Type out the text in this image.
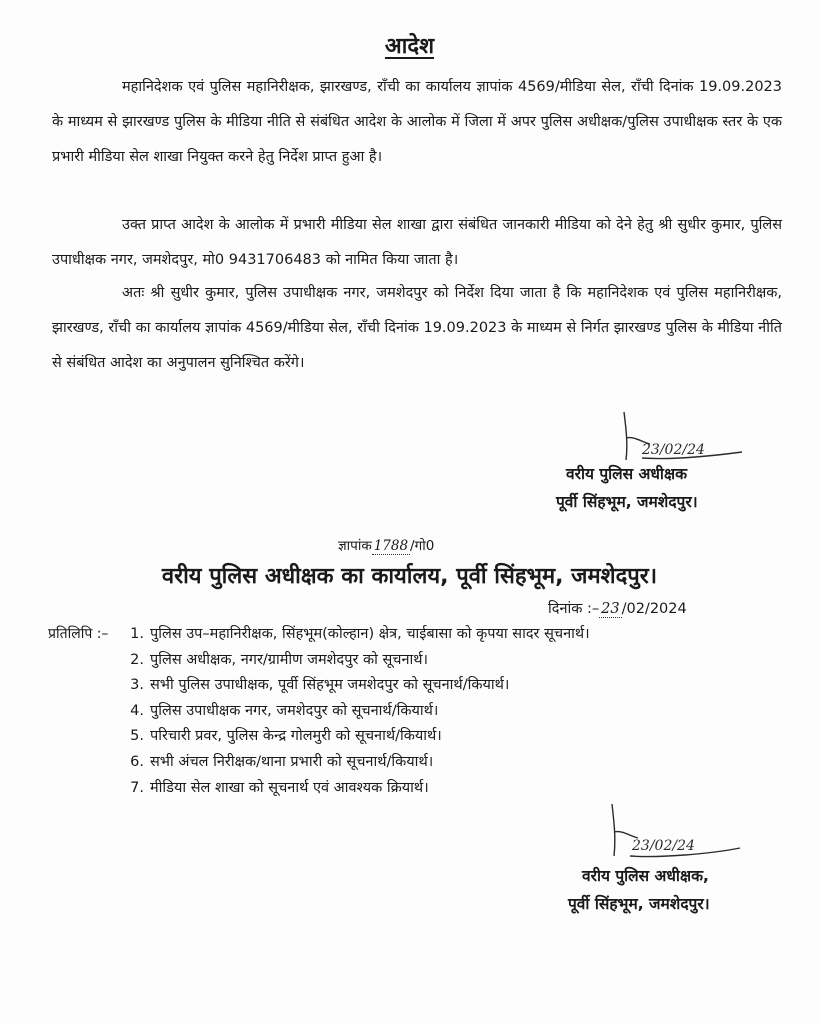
आदेश

महानिदेशक एवं पुलिस महानिरीक्षक, झारखण्ड, राँची का कार्यालय ज्ञापांक 4569/मीडिया सेल, राँची दिनांक 19.09.2023 के माध्यम से झारखण्ड पुलिस के मीडिया नीति से संबंधित आदेश के आलोक में जिला में अपर पुलिस अधीक्षक/पुलिस उपाधीक्षक स्तर के एक प्रभारी मीडिया सेल शाखा नियुक्त करने हेतु निर्देश प्राप्त हुआ है।

उक्त प्राप्त आदेश के आलोक में प्रभारी मीडिया सेल शाखा द्वारा संबंधित जानकारी मीडिया को देने हेतु श्री सुधीर कुमार, पुलिस उपाधीक्षक नगर, जमशेदपुर, मो0 9431706483 को नामित किया जाता है।

अतः श्री सुधीर कुमार, पुलिस उपाधीक्षक नगर, जमशेदपुर को निर्देश दिया जाता है कि महानिदेशक एवं पुलिस महानिरीक्षक, झारखण्ड, राँची का कार्यालय ज्ञापांक 4569/मीडिया सेल, राँची दिनांक 19.09.2023 के माध्यम से निर्गत झारखण्ड पुलिस के मीडिया नीति से संबंधित आदेश का अनुपालन सुनिश्चित करेंगे।

23/02/24
वरीय पुलिस अधीक्षक
पूर्वी सिंहभूम, जमशेदपुर।
ज्ञापांक 1788 /गो0
वरीय पुलिस अधीक्षक का कार्यालय, पूर्वी सिंहभूम, जमशेदपुर।
दिनांक :– 23 /02/2024
प्रतिलिपि :– 1. पुलिस उप–महानिरीक्षक, सिंहभूम(कोल्हान) क्षेत्र, चाईबासा को कृपया सादर सूचनार्थ।
2. पुलिस अधीक्षक, नगर/ग्रामीण जमशेदपुर को सूचनार्थ।
3. सभी पुलिस उपाधीक्षक, पूर्वी सिंहभूम जमशेदपुर को सूचनार्थ/कियार्थ।
4. पुलिस उपाधीक्षक नगर, जमशेदपुर को सूचनार्थ/कियार्थ।
5. परिचारी प्रवर, पुलिस केन्द्र गोलमुरी को सूचनार्थ/कियार्थ।
6. सभी अंचल निरीक्षक/थाना प्रभारी को सूचनार्थ/कियार्थ।
7. मीडिया सेल शाखा को सूचनार्थ एवं आवश्यक क्रियार्थ।
23/02/24
वरीय पुलिस अधीक्षक,
पूर्वी सिंहभूम, जमशेदपुर।
